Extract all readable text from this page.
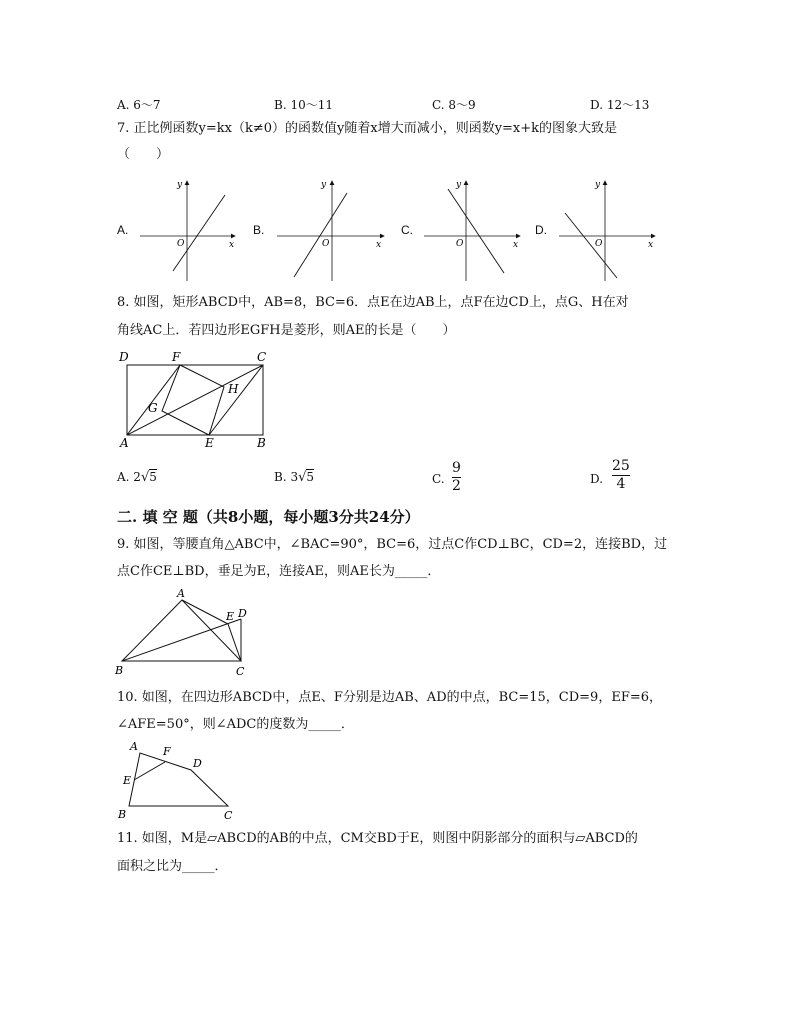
A. 6～7	B. 10～11	C. 8～9	D. 12～13
7. 正比例函数y=kx（k≠0）的函数值y随着x增大而减小，则函数y=x+k的图象大致是
（　　）
A.	B.	C.	D.
y
x
O
y
x
O
y
x
O
y
x
O
8. 如图，矩形ABCD中，AB=8，BC=6．点E在边AB上，点F在边CD上，点G、H在对
角线AC上．若四边形EGFH是菱形，则AE的长是（　　）
D	F	C
H
G
A	E	B
A. 2√5	B. 3√5	C.
9
2	D.
25
4
二. 填 空 题（共8小题，每小题3分共24分）
9. 如图，等腰直角△ABC中，∠BAC=90°，BC=6，过点C作CD⊥BC，CD=2，连接BD，过
点C作CE⊥BD，垂足为E，连接AE，则AE长为_____．
A
E D
B	C
10. 如图，在四边形ABCD中，点E、F分别是边AB、AD的中点，BC=15，CD=9，EF=6，
∠AFE=50°，则∠ADC的度数为_____．
A F
D
E
B	C
11. 如图，M是▱ABCD的AB的中点，CM交BD于E，则图中阴影部分的面积与▱ABCD的
面积之比为_____．
